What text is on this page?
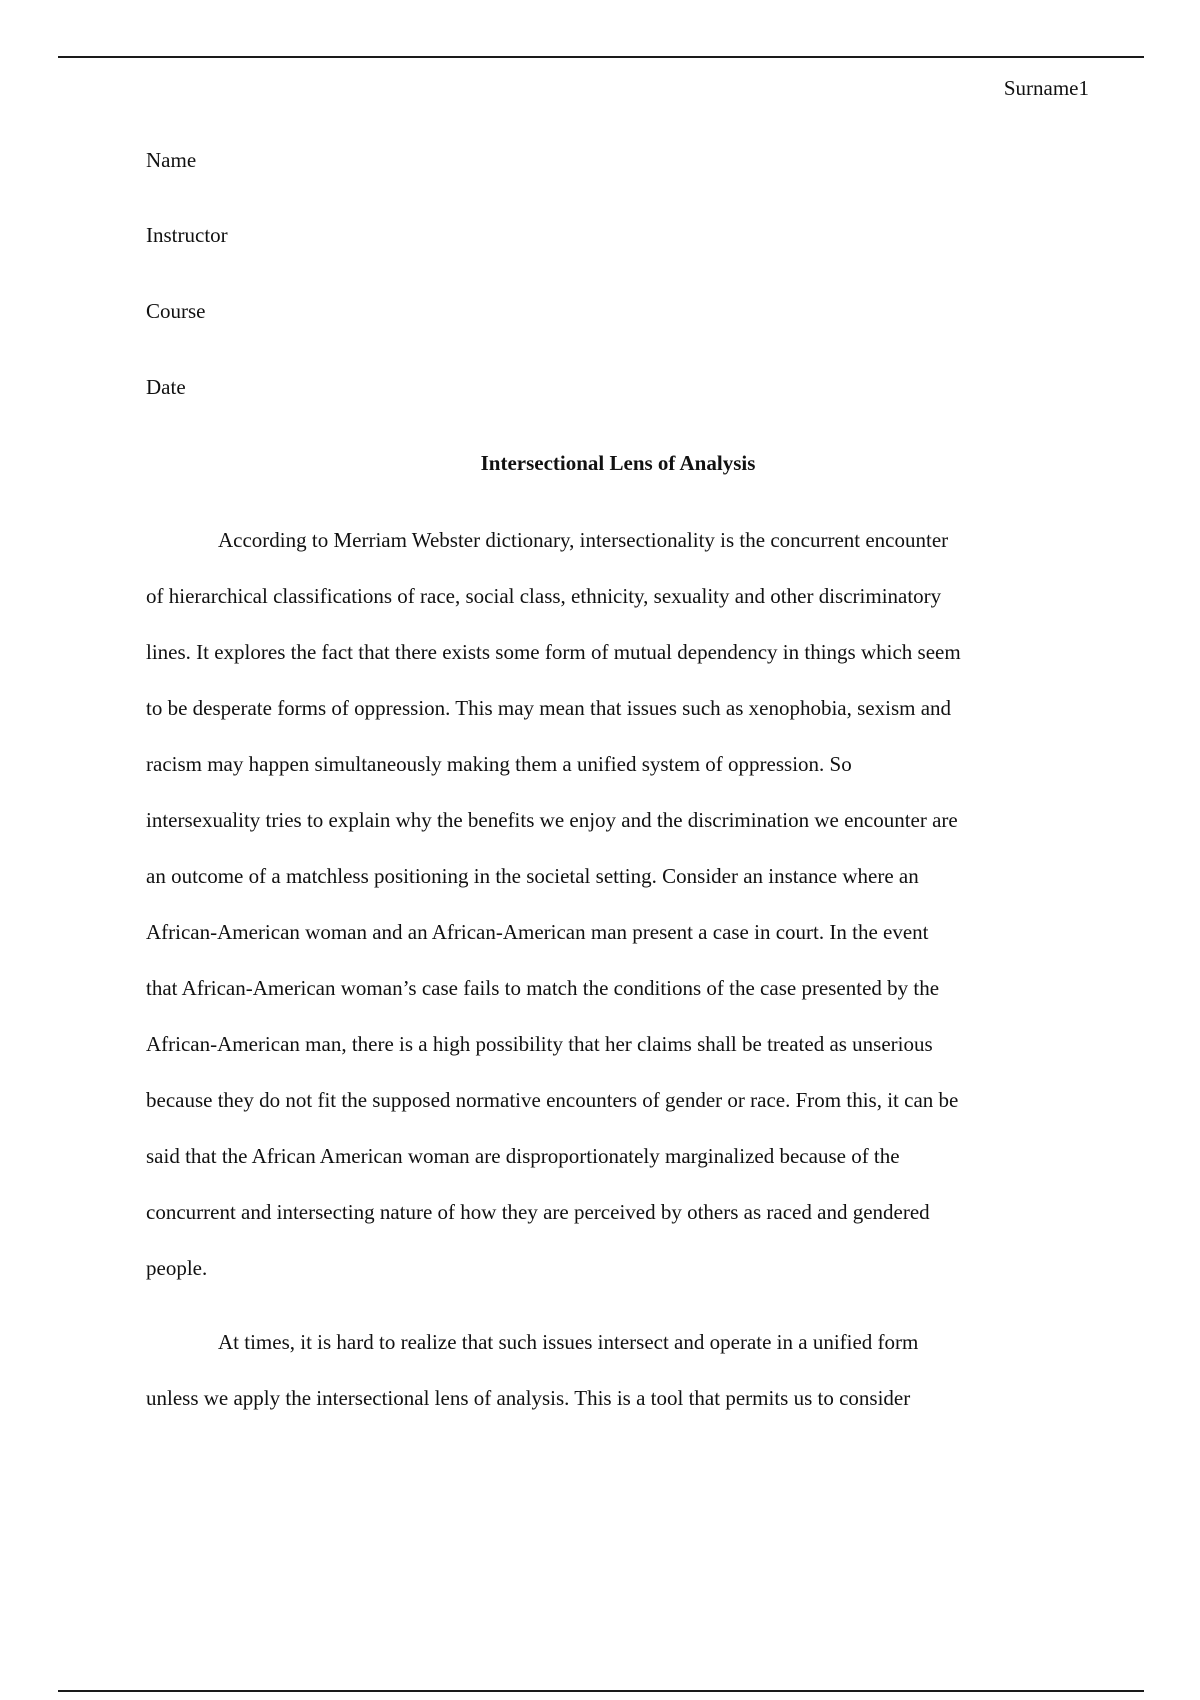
Surname1
Name
Instructor
Course
Date
Intersectional Lens of Analysis
According to Merriam Webster dictionary, intersectionality is the concurrent encounter
of hierarchical classifications of race, social class, ethnicity, sexuality and other discriminatory
lines. It explores the fact that there exists some form of mutual dependency in things which seem
to be desperate forms of oppression. This may mean that issues such as xenophobia, sexism and
racism may happen simultaneously making them a unified system of oppression. So
intersexuality tries to explain why the benefits we enjoy and the discrimination we encounter are
an outcome of a matchless positioning in the societal setting. Consider an instance where an
African-American woman and an African-American man present a case in court. In the event
that African-American woman’s case fails to match the conditions of the case presented by the
African-American man, there is a high possibility that her claims shall be treated as unserious
because they do not fit the supposed normative encounters of gender or race. From this, it can be
said that the African American woman are disproportionately marginalized because of the
concurrent and intersecting nature of how they are perceived by others as raced and gendered
people.
At times, it is hard to realize that such issues intersect and operate in a unified form
unless we apply the intersectional lens of analysis. This is a tool that permits us to consider
